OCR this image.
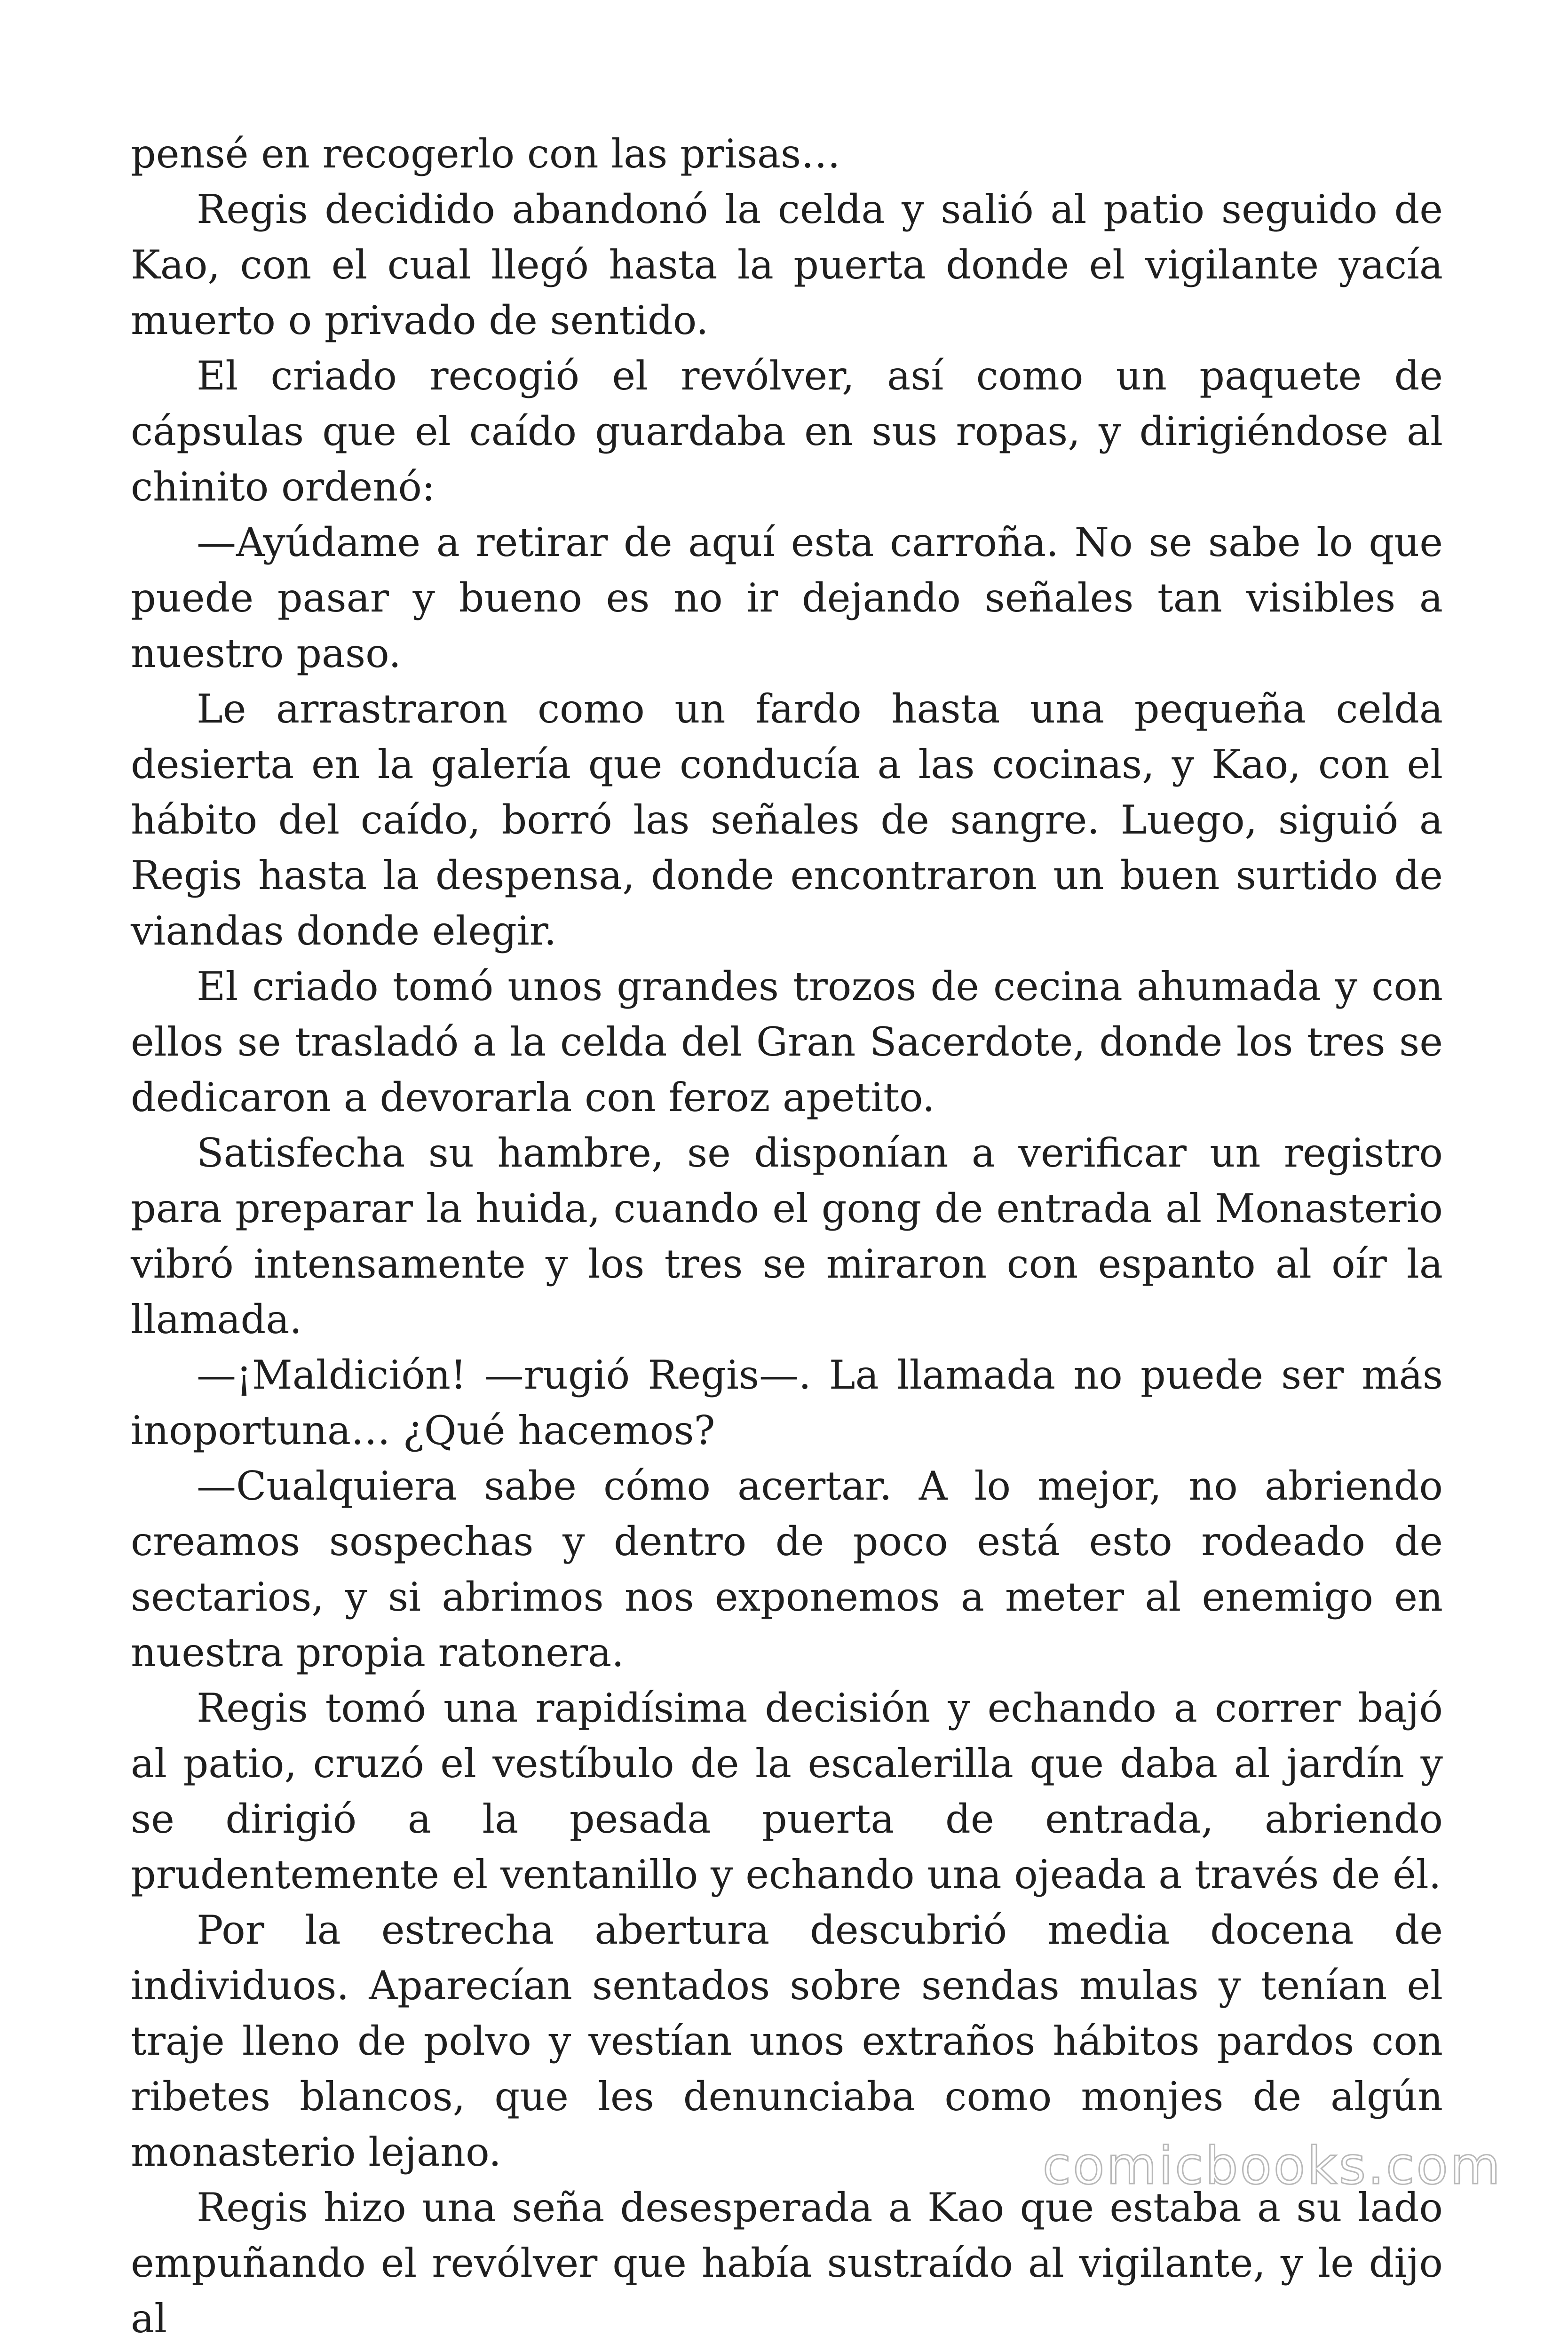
pensé en recogerlo con las prisas…

Regis decidido abandonó la celda y salió al patio seguido de Kao, con el cual llegó hasta la puerta donde el vigilante yacía muerto o privado de sentido.

El criado recogió el revólver, así como un paquete de cápsulas que el caído guardaba en sus ropas, y dirigiéndose al chinito ordenó:

—Ayúdame a retirar de aquí esta carroña. No se sabe lo que puede pasar y bueno es no ir dejando señales tan visibles a nuestro paso.

Le arrastraron como un fardo hasta una pequeña celda desierta en la galería que conducía a las cocinas, y Kao, con el hábito del caído, borró las señales de sangre. Luego, siguió a Regis hasta la despensa, donde encontraron un buen surtido de viandas donde elegir.

El criado tomó unos grandes trozos de cecina ahumada y con ellos se trasladó a la celda del Gran Sacerdote, donde los tres se dedicaron a devorarla con feroz apetito.

Satisfecha su hambre, se disponían a verificar un registro para preparar la huida, cuando el gong de entrada al Monasterio vibró intensamente y los tres se miraron con espanto al oír la llamada.

—¡Maldición! —rugió Regis—. La llamada no puede ser más inoportuna… ¿Qué hacemos?

—Cualquiera sabe cómo acertar. A lo mejor, no abriendo creamos sospechas y dentro de poco está esto rodeado de sectarios, y si abrimos nos exponemos a meter al enemigo en nuestra propia ratonera.

Regis tomó una rapidísima decisión y echando a correr bajó al patio, cruzó el vestíbulo de la escalerilla que daba al jardín y se dirigió a la pesada puerta de entrada, abriendo prudentemente el ventanillo y echando una ojeada a través de él.

Por la estrecha abertura descubrió media docena de individuos. Aparecían sentados sobre sendas mulas y tenían el traje lleno de polvo y vestían unos extraños hábitos pardos con ribetes blancos, que les denunciaba como monjes de algún monasterio lejano.

Regis hizo una seña desesperada a Kao que estaba a su lado empuñando el revólver que había sustraído al vigilante, y le dijo al

comicbooks.com
